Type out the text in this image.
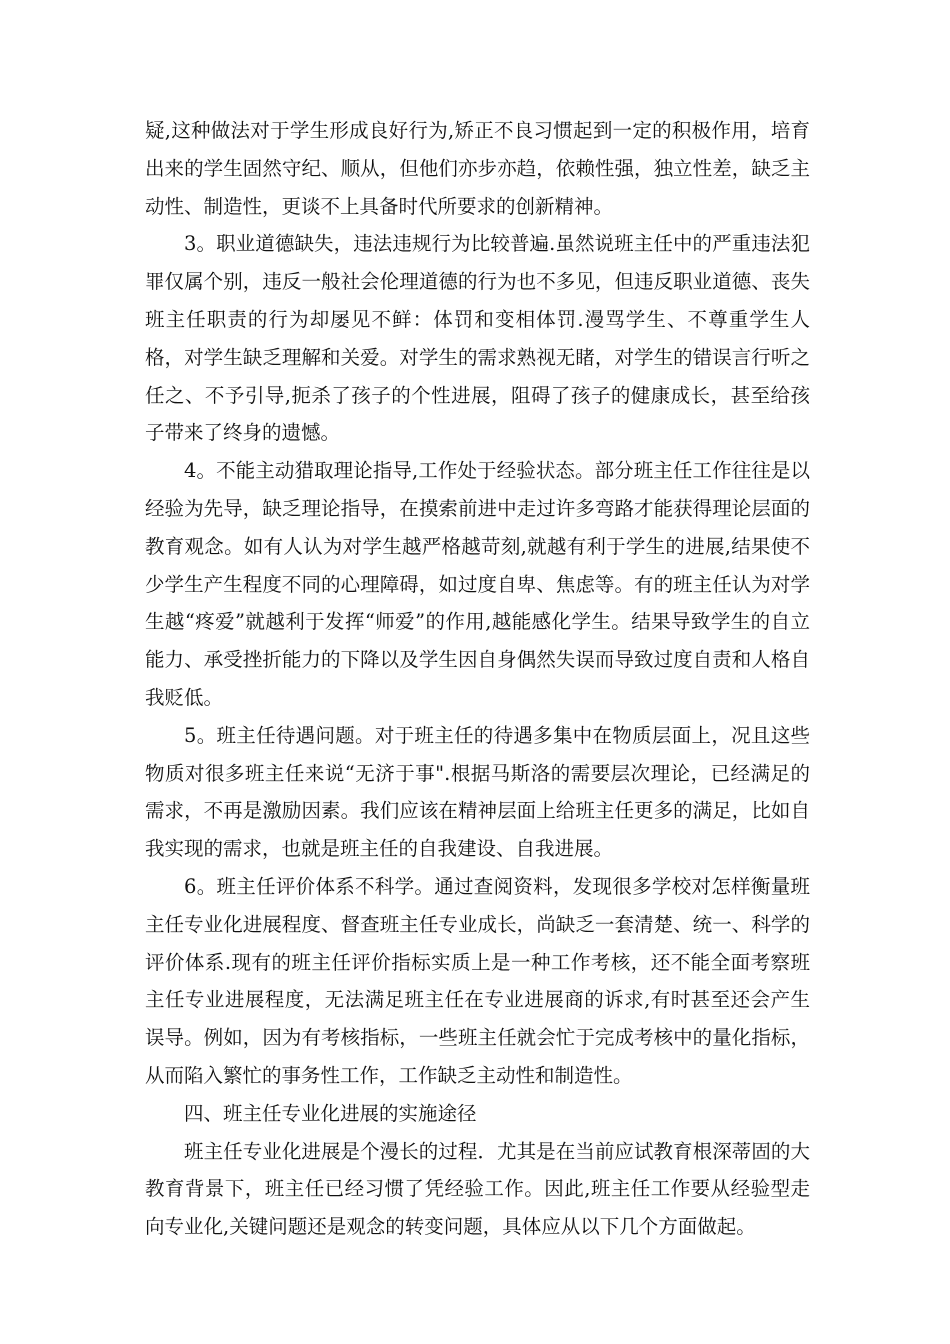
疑,这种做法对于学生形成良好行为,矫正不良习惯起到一定的积极作用，培育出来的学生固然守纪、顺从，但他们亦步亦趋，依赖性强，独立性差，缺乏主动性、制造性，更谈不上具备时代所要求的创新精神。

3。职业道德缺失，违法违规行为比较普遍.虽然说班主任中的严重违法犯罪仅属个别，违反一般社会伦理道德的行为也不多见，但违反职业道德、丧失班主任职责的行为却屡见不鲜：体罚和变相体罚.漫骂学生、不尊重学生人格，对学生缺乏理解和关爱。对学生的需求熟视无睹，对学生的错误言行听之任之、不予引导,扼杀了孩子的个性进展，阻碍了孩子的健康成长，甚至给孩子带来了终身的遗憾。

4。不能主动猎取理论指导,工作处于经验状态。部分班主任工作往往是以经验为先导，缺乏理论指导，在摸索前进中走过许多弯路才能获得理论层面的教育观念。如有人认为对学生越严格越苛刻,就越有利于学生的进展,结果使不少学生产生程度不同的心理障碍，如过度自卑、焦虑等。有的班主任认为对学生越“疼爱”就越利于发挥“师爱”的作用,越能感化学生。结果导致学生的自立能力、承受挫折能力的下降以及学生因自身偶然失误而导致过度自责和人格自我贬低。

5。班主任待遇问题。对于班主任的待遇多集中在物质层面上，况且这些物质对很多班主任来说“无济于事".根据马斯洛的需要层次理论，已经满足的需求，不再是激励因素。我们应该在精神层面上给班主任更多的满足，比如自我实现的需求，也就是班主任的自我建设、自我进展。

6。班主任评价体系不科学。通过查阅资料，发现很多学校对怎样衡量班主任专业化进展程度、督查班主任专业成长，尚缺乏一套清楚、统一、科学的评价体系.现有的班主任评价指标实质上是一种工作考核，还不能全面考察班主任专业进展程度，无法满足班主任在专业进展商的诉求,有时甚至还会产生误导。例如，因为有考核指标，一些班主任就会忙于完成考核中的量化指标，从而陷入繁忙的事务性工作，工作缺乏主动性和制造性。

四、班主任专业化进展的实施途径

班主任专业化进展是个漫长的过程．尤其是在当前应试教育根深蒂固的大教育背景下，班主任已经习惯了凭经验工作。因此,班主任工作要从经验型走向专业化,关键问题还是观念的转变问题，具体应从以下几个方面做起。
